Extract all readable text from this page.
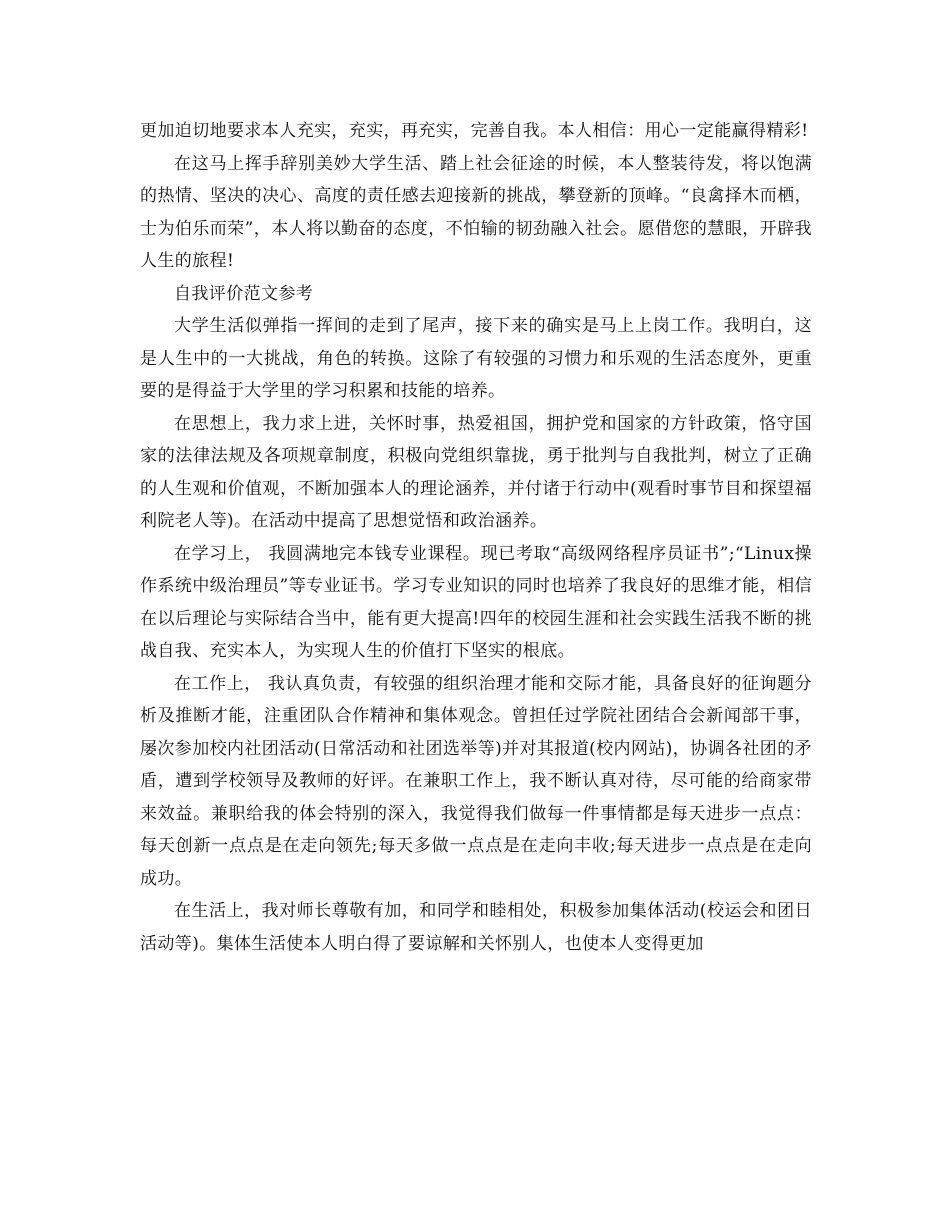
更加迫切地要求本人充实，充实，再充实，完善自我。本人相信：用心一定能赢得精彩!

在这马上挥手辞别美妙大学生活、踏上社会征途的时候，本人整装待发，将以饱满的热情、坚决的决心、高度的责任感去迎接新的挑战，攀登新的顶峰。“良禽择木而栖，士为伯乐而荣”，本人将以勤奋的态度，不怕输的韧劲融入社会。愿借您的慧眼，开辟我人生的旅程!

自我评价范文参考

大学生活似弹指一挥间的走到了尾声，接下来的确实是马上上岗工作。我明白，这是人生中的一大挑战，角色的转换。这除了有较强的习惯力和乐观的生活态度外，更重要的是得益于大学里的学习积累和技能的培养。

在思想上，我力求上进，关怀时事，热爱祖国，拥护党和国家的方针政策，恪守国家的法律法规及各项规章制度，积极向党组织靠拢，勇于批判与自我批判，树立了正确的人生观和价值观，不断加强本人的理论涵养，并付诸于行动中(观看时事节目和探望福利院老人等)。在活动中提高了思想觉悟和政治涵养。

在学习上， 我圆满地完本钱专业课程。现已考取“高级网络程序员证书”;“Linux操作系统中级治理员”等专业证书。学习专业知识的同时也培养了我良好的思维才能，相信在以后理论与实际结合当中，能有更大提高!四年的校园生涯和社会实践生活我不断的挑战自我、充实本人，为实现人生的价值打下坚实的根底。

在工作上， 我认真负责，有较强的组织治理才能和交际才能，具备良好的征询题分析及推断才能，注重团队合作精神和集体观念。曾担任过学院社团结合会新闻部干事，屡次参加校内社团活动(日常活动和社团选举等)并对其报道(校内网站)，协调各社团的矛盾，遭到学校领导及教师的好评。在兼职工作上，我不断认真对待，尽可能的给商家带来效益。兼职给我的体会特别的深入，我觉得我们做每一件事情都是每天进步一点点：每天创新一点点是在走向领先;每天多做一点点是在走向丰收;每天进步一点点是在走向成功。

在生活上，我对师长尊敬有加，和同学和睦相处，积极参加集体活动(校运会和团日活动等)。集体生活使本人明白得了要谅解和关怀别人，也使本人变得更加
